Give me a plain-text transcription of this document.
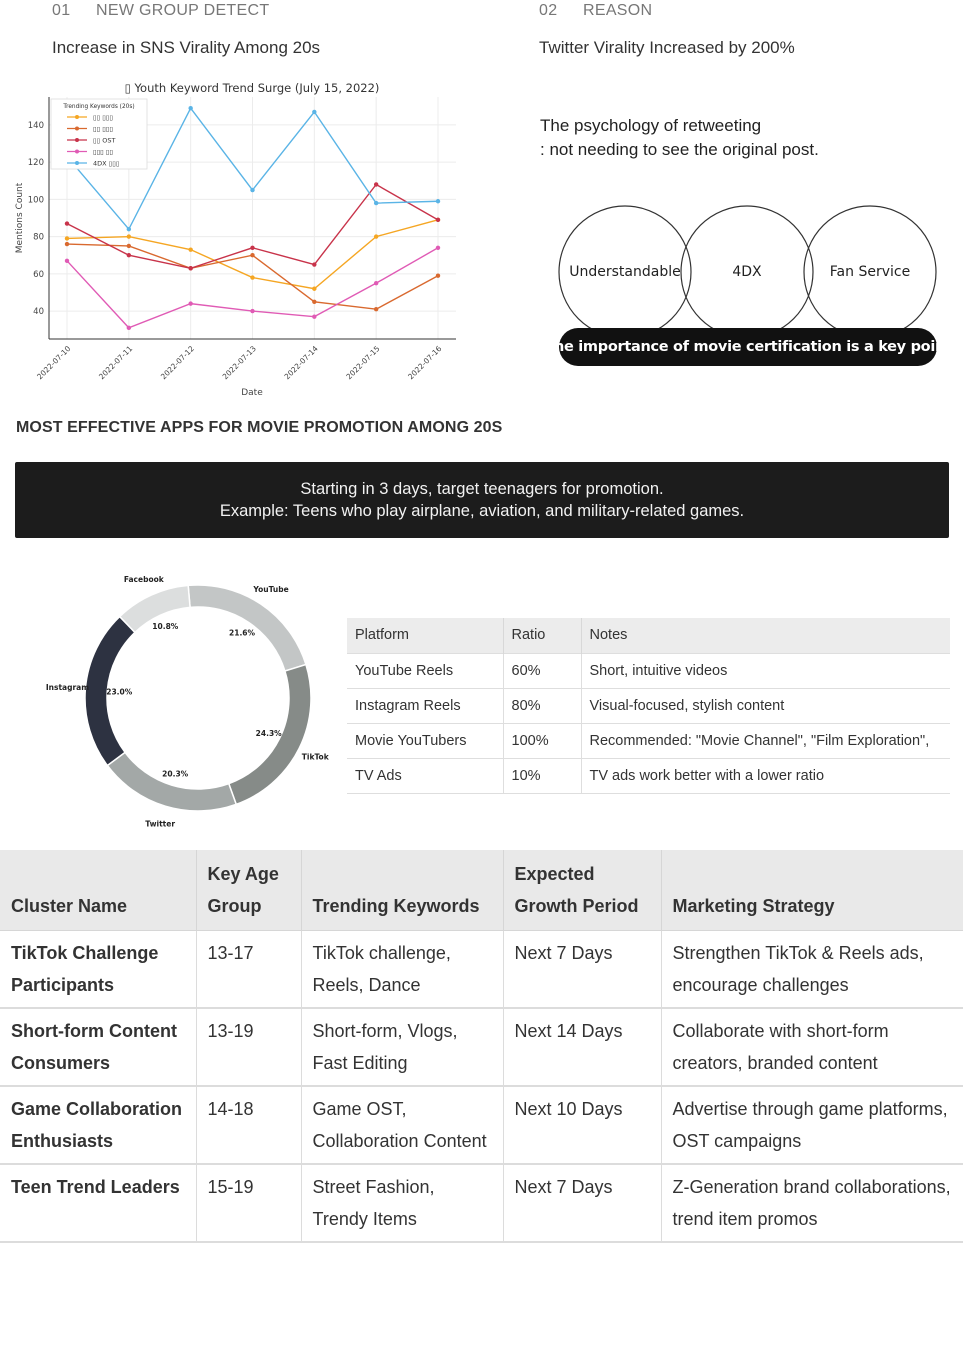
01 NEW GROUP DETECT
Increase in SNS Virality Among 20s
▯ Youth Keyword Trend Surge (July 15, 2022)
40
60
80
100
120
140
2022-07-10	2022-07-11	2022-07-12	2022-07-13	2022-07-14	2022-07-15	2022-07-16
Trending Keywords (20s)
▯▯ ▯▯▯
▯▯ ▯▯▯
▯▯ OST
▯▯▯ ▯▯
4DX ▯▯▯
Date
Mentions Count
02 REASON
Twitter Virality Increased by 200%
The psychology of retweeting
: not needing to see the original post.
Understandable	4DX	Fan Service
The importance of movie certification is a key point
MOST EFFECTIVE APPS FOR MOVIE PROMOTION AMONG 20S
Starting in 3 days, target teenagers for promotion.
Example: Teens who play airplane, aviation, and military-related games.
YouTube
21.6%
TikTok
24.3%
Twitter
20.3%
Instagram 23.0%
Facebook
10.8%
Platform	Ratio	Notes
YouTube Reels	60%	Short, intuitive videos
Instagram Reels	80%	Visual-focused, stylish content
Movie YouTubers	100%	Recommended: "Movie Channel", "Film Exploration",
TV Ads	10%	TV ads work better with a lower ratio
Cluster Name	Key Age Group	Trending Keywords	Expected Growth Period	Marketing Strategy
TikTok Challenge Participants	13-17	TikTok challenge, Reels, Dance	Next 7 Days	Strengthen TikTok & Reels ads, encourage challenges
Short-form Content Consumers	13-19	Short-form, Vlogs, Fast Editing	Next 14 Days	Collaborate with short-form creators, branded content
Game Collaboration Enthusiasts	14-18	Game OST, Collaboration Content	Next 10 Days	Advertise through game platforms, OST campaigns
Teen Trend Leaders	15-19	Street Fashion, Trendy Items	Next 7 Days	Z-Generation brand collaborations, trend item promos
